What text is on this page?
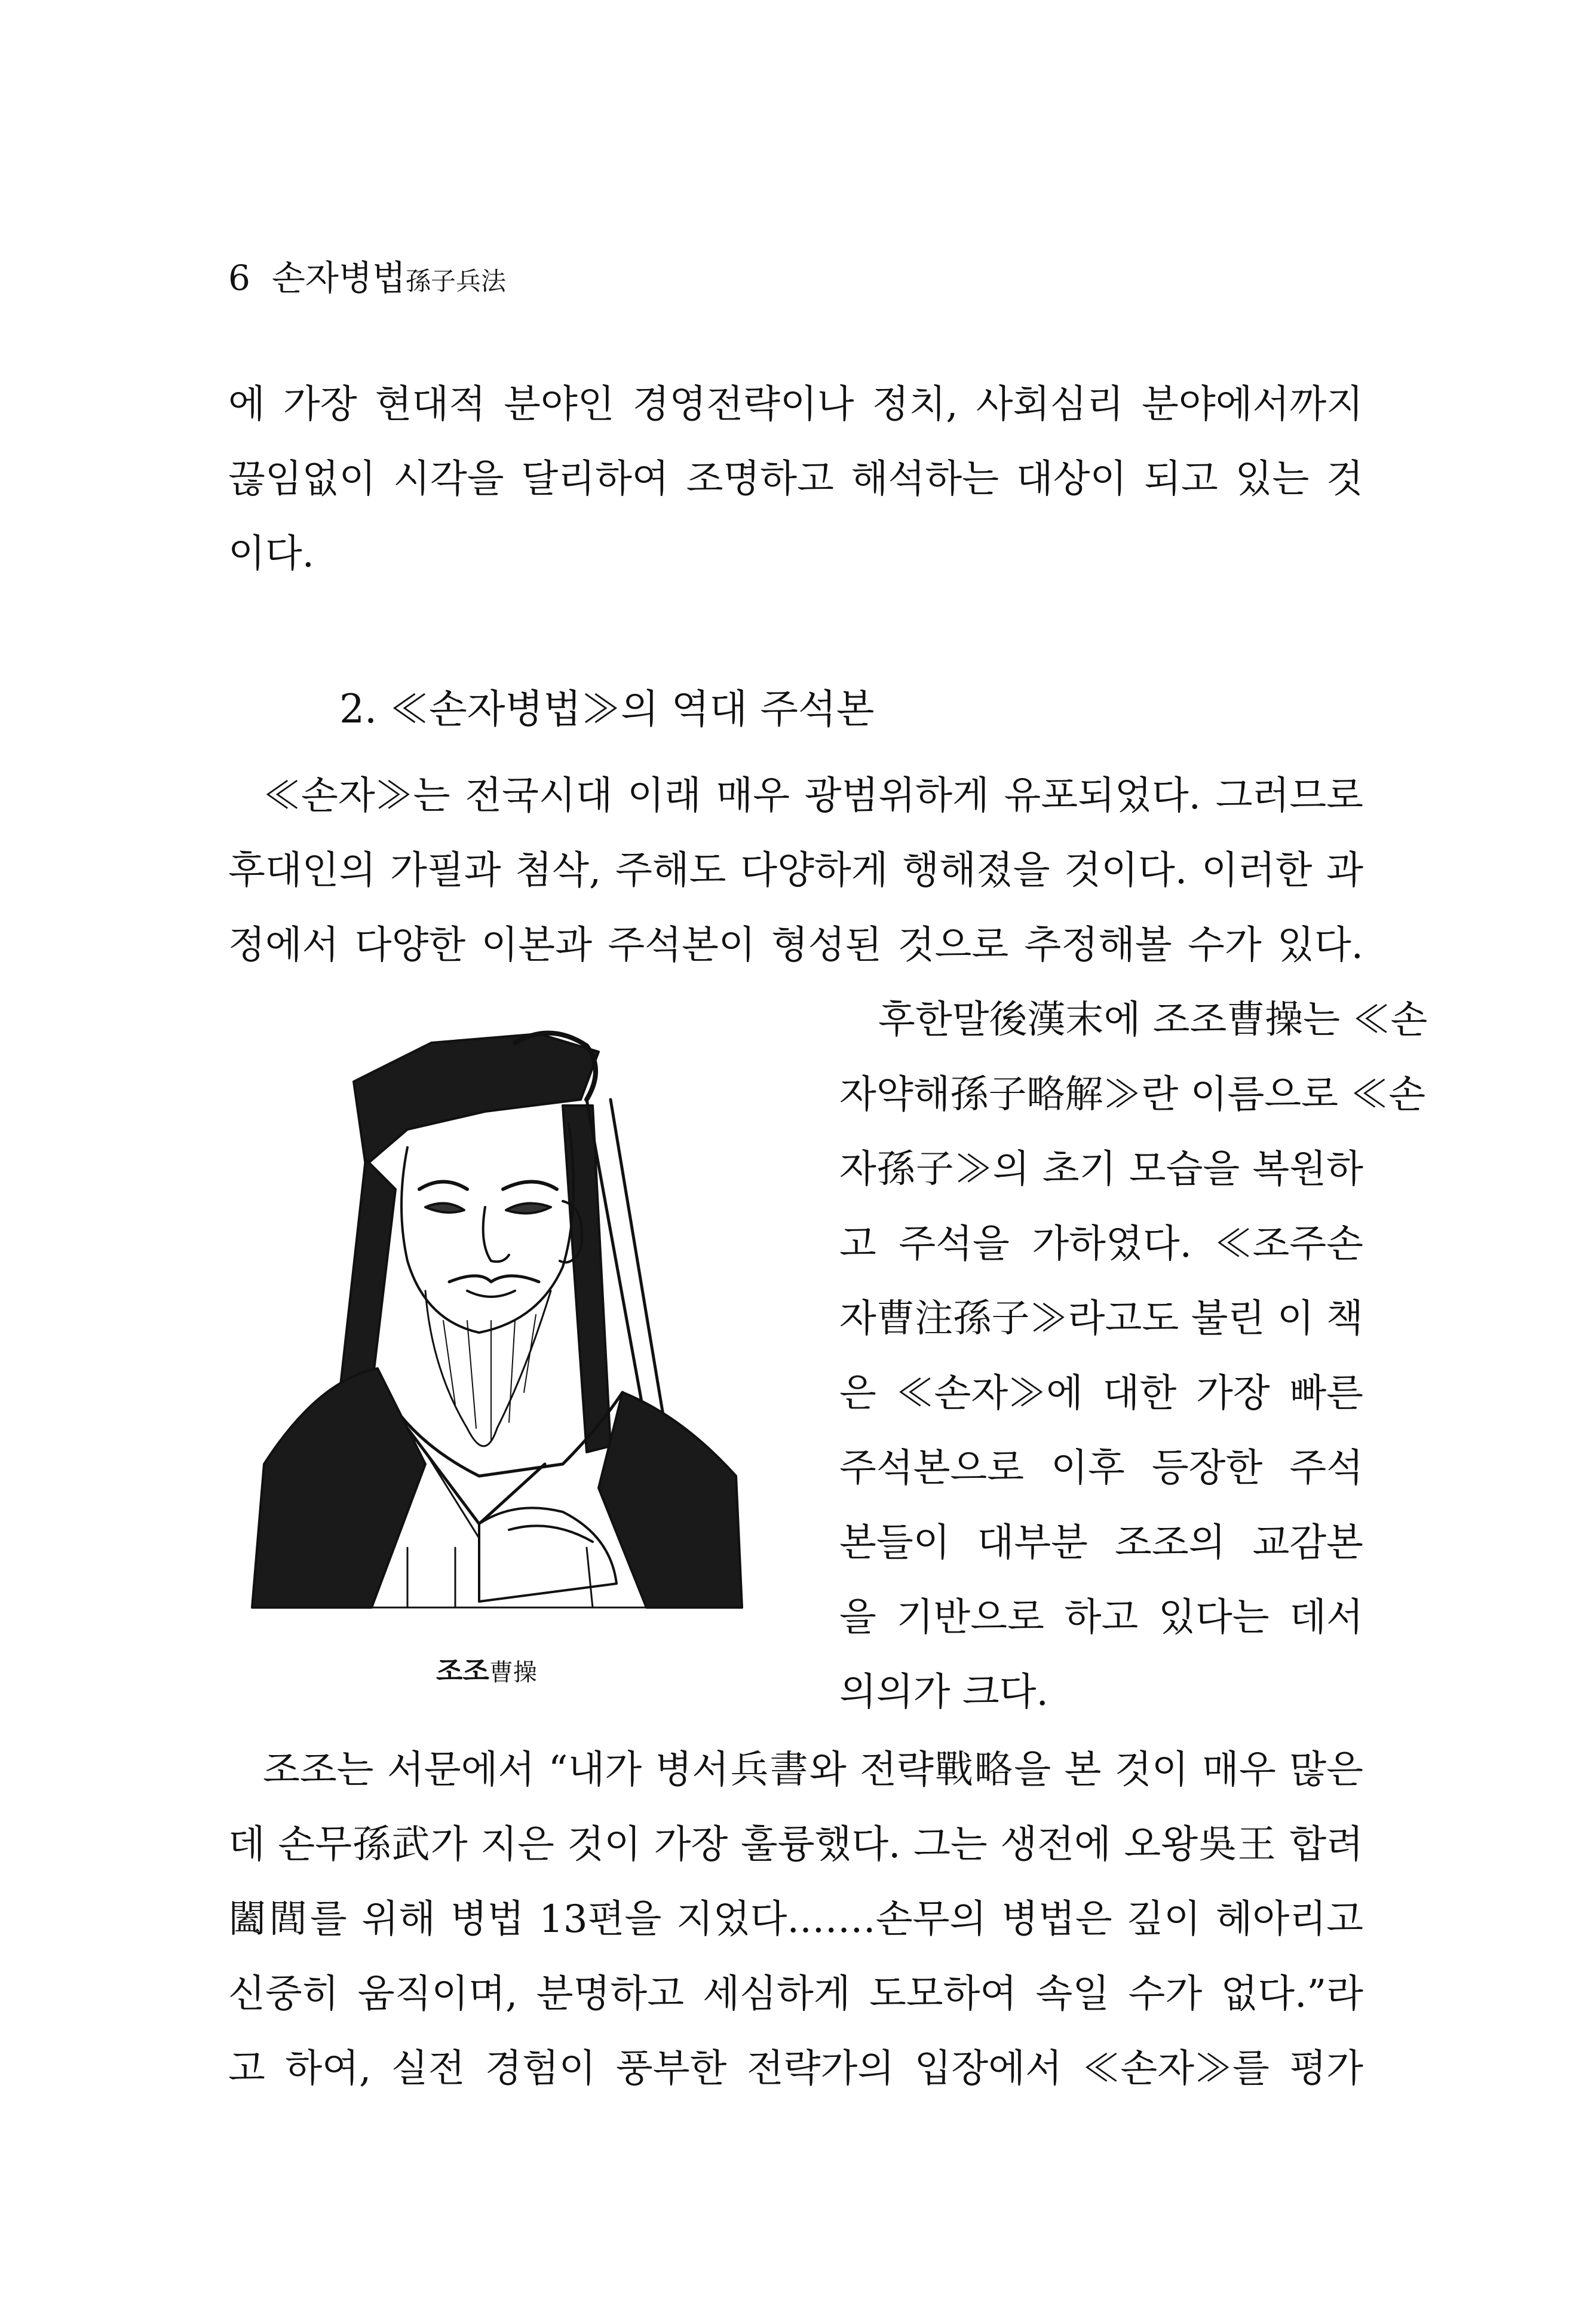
6 손자병법孫子兵法
에 가장 현대적 분야인 경영전략이나 정치, 사회심리 분야에서까지
끊임없이 시각을 달리하여 조명하고 해석하는 대상이 되고 있는 것
이다.
2. ≪손자병법≫의 역대 주석본
≪손자≫는 전국시대 이래 매우 광범위하게 유포되었다. 그러므로
후대인의 가필과 첨삭, 주해도 다양하게 행해졌을 것이다. 이러한 과
정에서 다양한 이본과 주석본이 형성된 것으로 추정해볼 수가 있다.
조조曹操
후한말後漢末에 조조曹操는 ≪손
자약해孫子略解≫란 이름으로 ≪손
자孫子≫의 초기 모습을 복원하
고 주석을 가하였다. ≪조주손
자曹注孫子≫라고도 불린 이 책
은 ≪손자≫에 대한 가장 빠른
주석본으로 이후 등장한 주석
본들이 대부분 조조의 교감본
을 기반으로 하고 있다는 데서
의의가 크다.
조조는 서문에서 “내가 병서兵書와 전략戰略을 본 것이 매우 많은
데 손무孫武가 지은 것이 가장 훌륭했다. 그는 생전에 오왕吳王 합려
闔閭를 위해 병법 13편을 지었다.……손무의 병법은 깊이 헤아리고
신중히 움직이며, 분명하고 세심하게 도모하여 속일 수가 없다.”라
고 하여, 실전 경험이 풍부한 전략가의 입장에서 ≪손자≫를 평가
